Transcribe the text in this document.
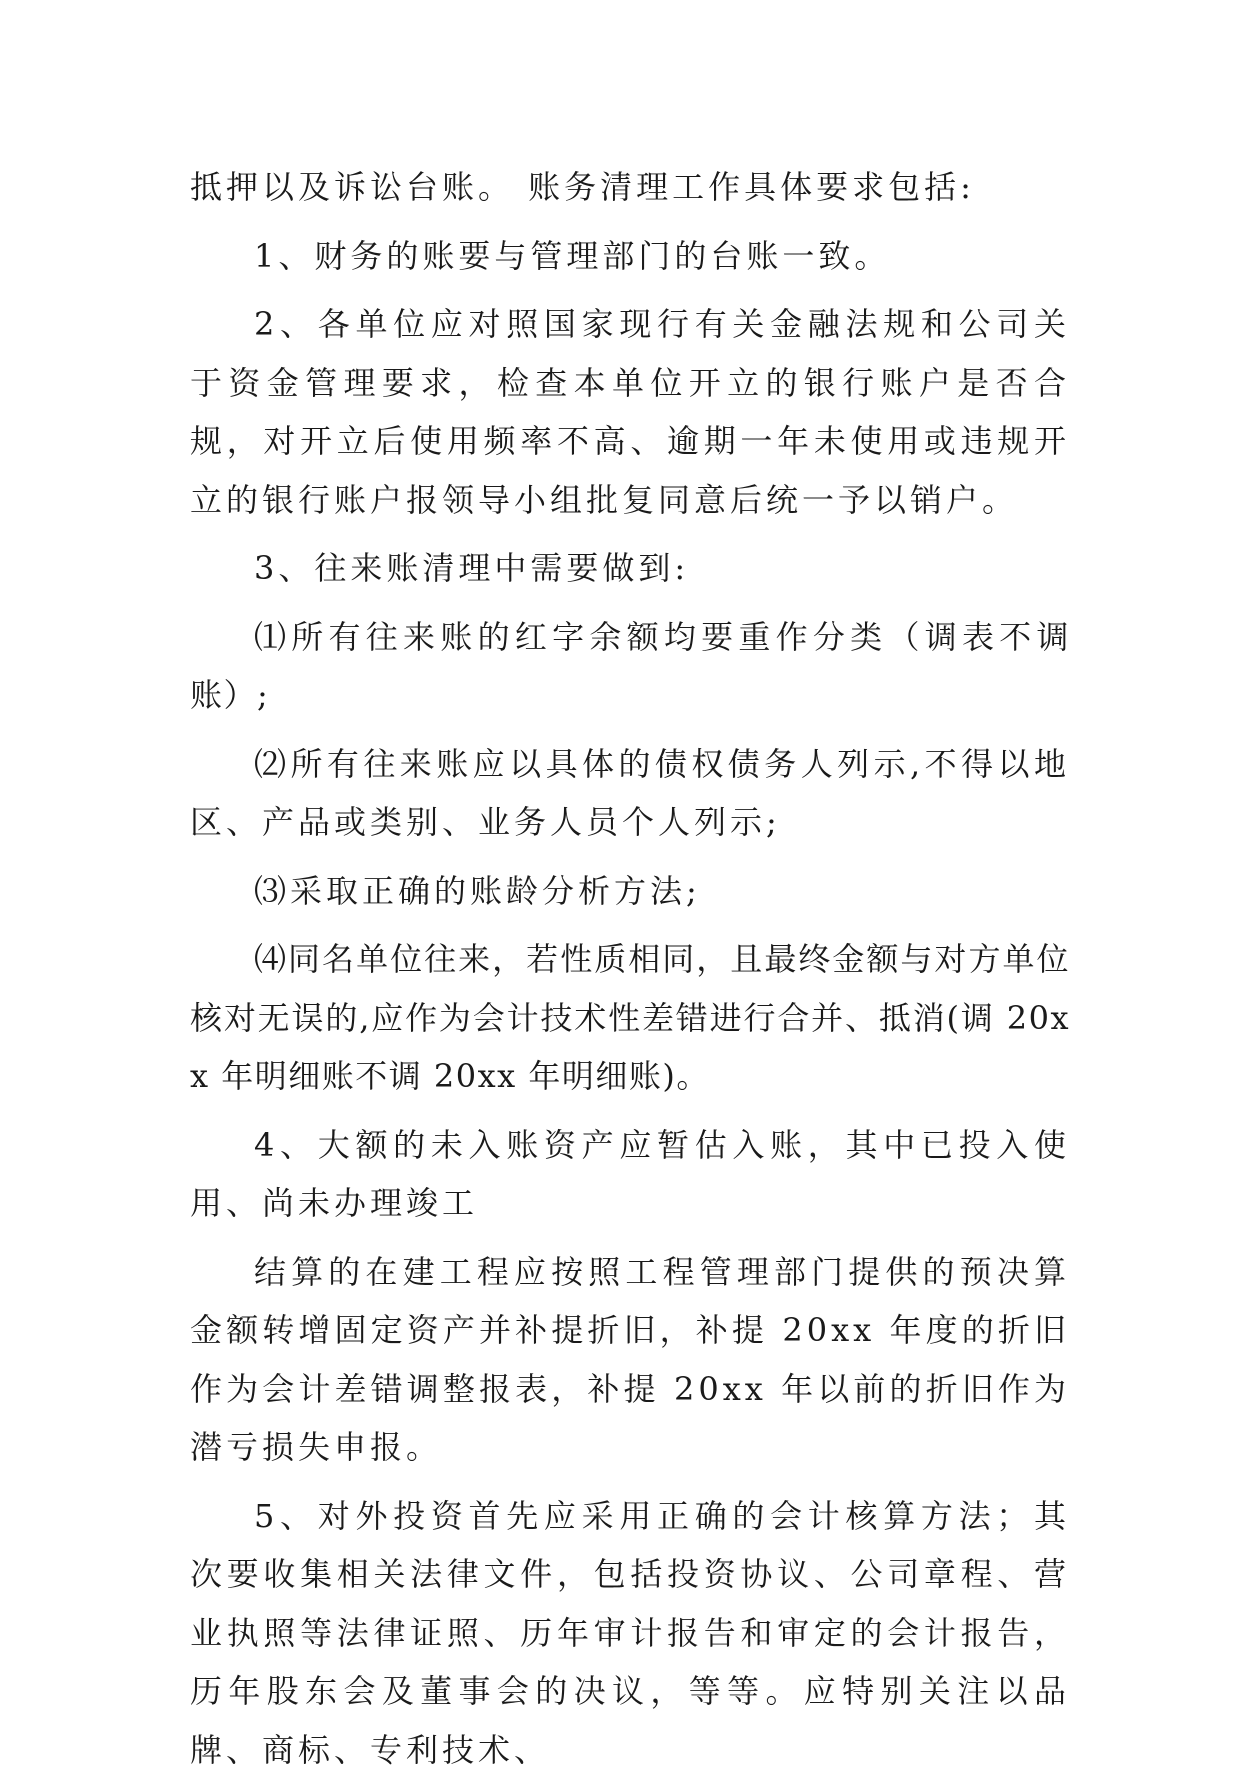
抵押以及诉讼台账。 账务清理工作具体要求包括:

1、财务的账要与管理部门的台账一致。

2、各单位应对照国家现行有关金融法规和公司关于资金管理要求，检查本单位开立的银行账户是否合规，对开立后使用频率不高、逾期一年未使用或违规开立的银行账户报领导小组批复同意后统一予以销户。

3、往来账清理中需要做到:

⑴所有往来账的红字余额均要重作分类（调表不调账）;

⑵所有往来账应以具体的债权债务人列示,不得以地区、产品或类别、业务人员个人列示;

⑶采取正确的账龄分析方法;

⑷同名单位往来，若性质相同，且最终金额与对方单位核对无误的,应作为会计技术性差错进行合并、抵消(调 20xx 年明细账不调 20xx 年明细账)。

4、大额的未入账资产应暂估入账，其中已投入使用、尚未办理竣工

结算的在建工程应按照工程管理部门提供的预决算金额转增固定资产并补提折旧，补提 20xx 年度的折旧作为会计差错调整报表，补提 20xx 年以前的折旧作为潜亏损失申报。

5、对外投资首先应采用正确的会计核算方法；其次要收集相关法律文件，包括投资协议、公司章程、营业执照等法律证照、历年审计报告和审定的会计报告，历年股东会及董事会的决议，等等。应特别关注以品牌、商标、专利技术、
